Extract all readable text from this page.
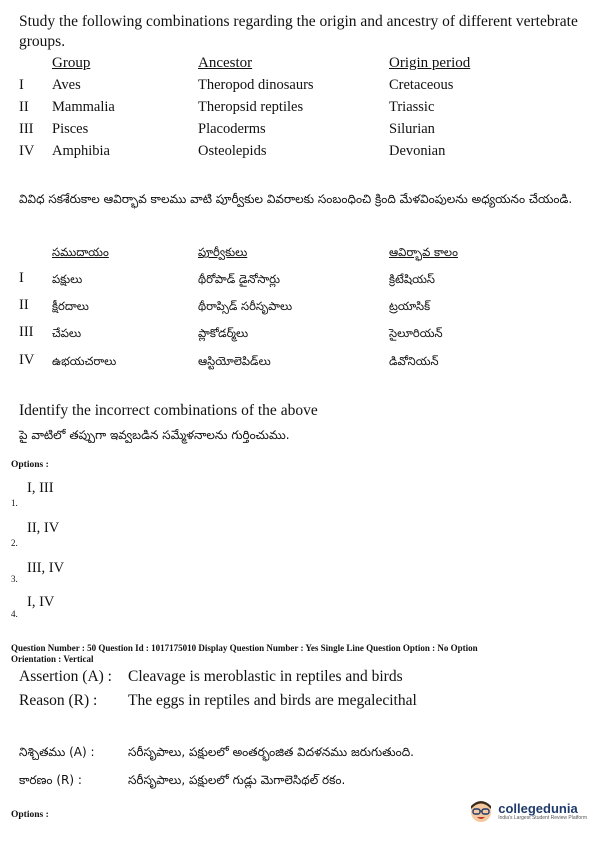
Study the following combinations regarding the origin and ancestry of different vertebrate groups.
Group	Ancestor	Origin period
I Aves	Theropod dinosaurs	Cretaceous
II Mammalia	Theropsid reptiles	Triassic
III Pisces	Placoderms	Silurian
IV Amphibia	Osteolepids	Devonian
వివిధ సకశేరుకాల ఆవిర్భావ కాలము వాటి పూర్వీకుల వివరాలకు సంబంధించి క్రింది మేళవింపులను అధ్యయనం చేయండి.
సముదాయం	పూర్వీకులు	ఆవిర్భావ కాలం
I పక్షులు	థీరోపాడ్ డైనోసార్లు	క్రిటేషియస్
II క్షీరదాలు	థీరాప్సిడ్ సరీసృపాలు	ట్రయాసిక్
III చేపలు	ప్లాకోడర్మ్‌లు	సైలూరియన్
IV ఉభయచరాలు	ఆస్టియోలెపిడ్‌లు	డివోనియన్
Identify the incorrect combinations of the above
పై వాటిలో తప్పుగా ఇవ్వబడిన సమ్మేళనాలను గుర్తించుము.
Options :
1.
I, III
2.
II, IV
3.
III, IV
4.
I, IV
Question Number : 50 Question Id : 1017175010 Display Question Number : Yes Single Line Question Option : No Option
Orientation : Vertical
Assertion (A) : Cleavage is meroblastic in reptiles and birds
Reason (R) : The eggs in reptiles and birds are megalecithal
నిశ్చితము (A) :	సరీసృపాలు, పక్షులలో అంతర్భంజిత విదళనము జరుగుతుంది.
కారణం (R) :	సరీసృపాలు, పక్షులలో గుడ్లు మెగాలెసిథల్ రకం.
Options :	collegedunia
India's Largest Student Review Platform
